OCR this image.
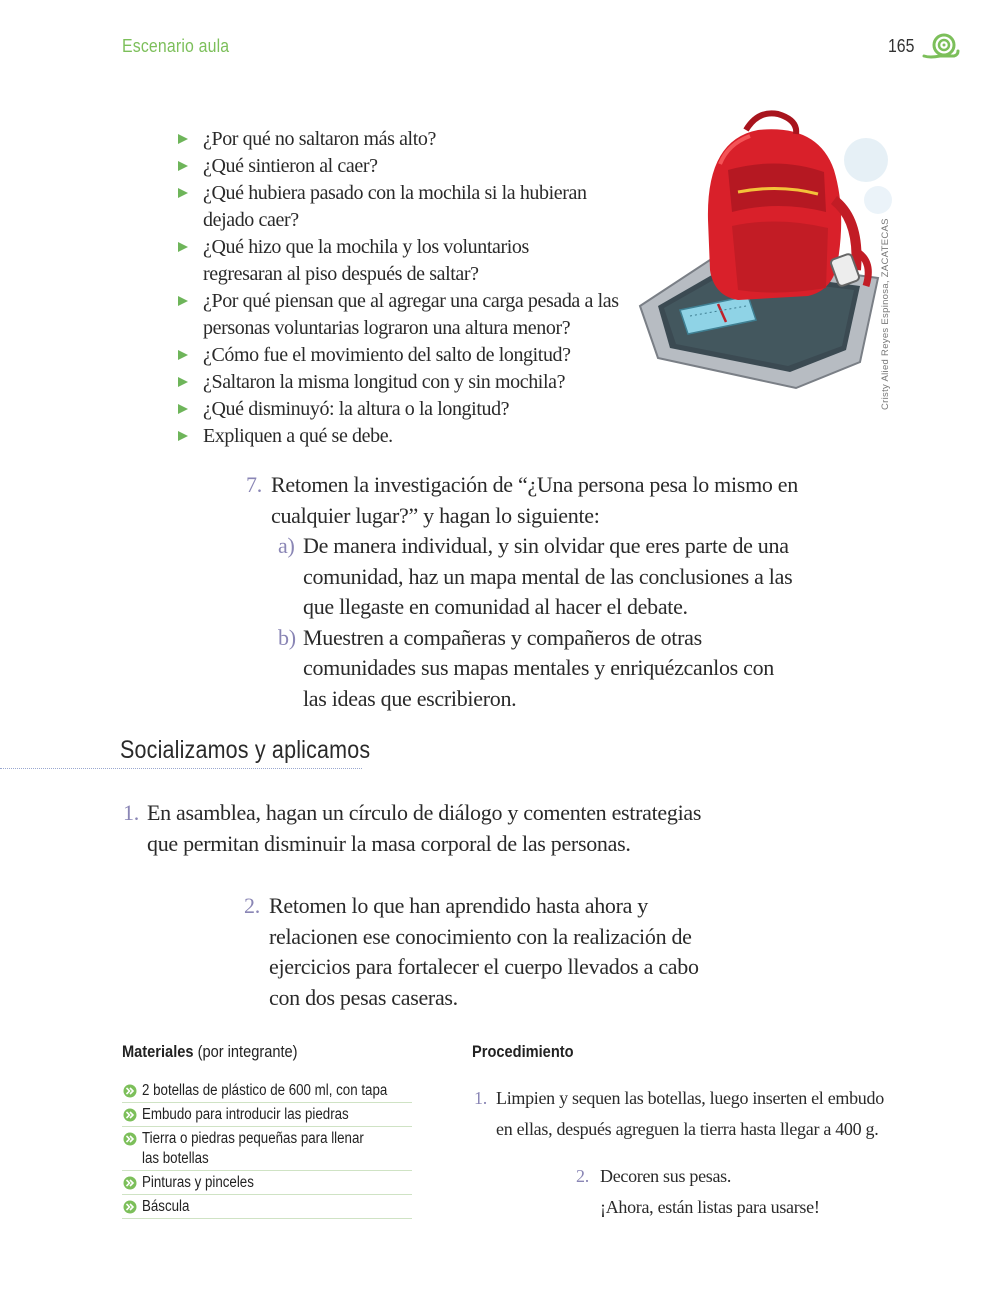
Escenario aula	165
¿Por qué no saltaron más alto?
¿Qué sintieron al caer?
¿Qué hubiera pasado con la mochila si la hubieran dejado caer?
¿Qué hizo que la mochila y los voluntarios regresaran al piso después de saltar?
¿Por qué piensan que al agregar una carga pesada a las personas voluntarias lograron una altura menor?
¿Cómo fue el movimiento del salto de longitud?
¿Saltaron la misma longitud con y sin mochila?
¿Qué disminuyó: la altura o la longitud?
Expliquen a qué se debe.
Cristy Alied Reyes Espinosa, ZACATECAS
7. Retomen la investigación de “¿Una persona pesa lo mismo en cualquier lugar?” y hagan lo siguiente:
a) De manera individual, y sin olvidar que eres parte de una comunidad, haz un mapa mental de las conclusiones a las que llegaste en comunidad al hacer el debate.
b) Muestren a compañeras y compañeros de otras comunidades sus mapas mentales y enriquézcanlos con las ideas que escribieron.
Socializamos y aplicamos
1. En asamblea, hagan un círculo de diálogo y comenten estrategias que permitan disminuir la masa corporal de las personas.
2. Retomen lo que han aprendido hasta ahora y relacionen ese conocimiento con la realización de ejercicios para fortalecer el cuerpo llevados a cabo con dos pesas caseras.
Materiales (por integrante)
2 botellas de plástico de 600 ml, con tapa
Embudo para introducir las piedras
Tierra o piedras pequeñas para llenar
las botellas
Pinturas y pinceles
Báscula
Procedimiento
1. Limpien y sequen las botellas, luego inserten el embudo en ellas, después agreguen la tierra hasta llegar a 400 g.
2. Decoren sus pesas.
¡Ahora, están listas para usarse!
